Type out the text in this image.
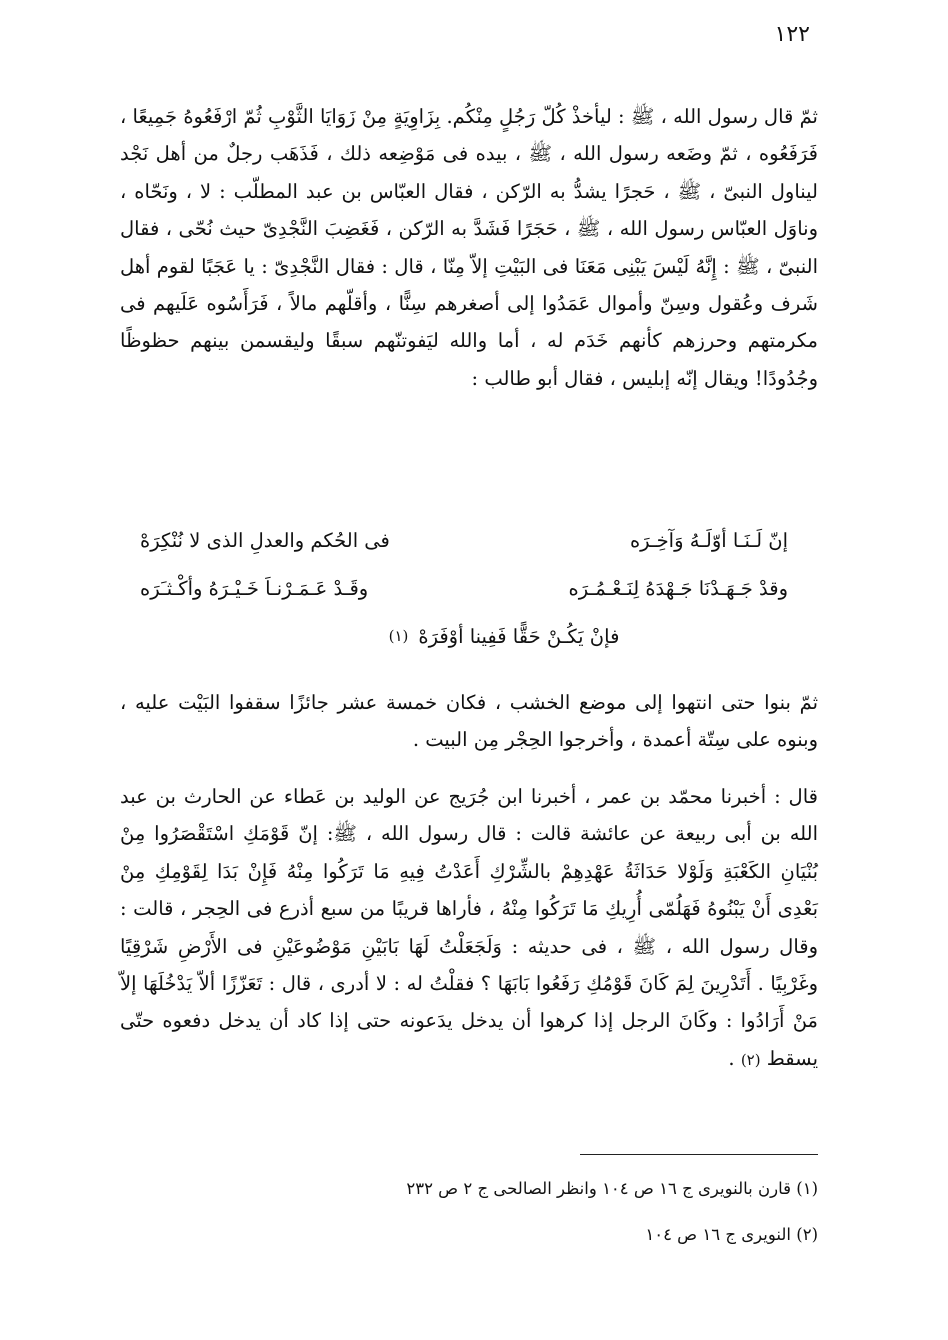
١٢٢

ثمّ قال رسول الله ، ﷺ : ليأخذْ كُلّ رَجُلٍ مِنْكُم. بِزَاوِيَةٍ مِنْ زَوَايَا الثَّوْبِ ثُمّ ارْفَعُوهُ جَمِيعًا ، فَرَفَعُوه ، ثمّ وضَعه رسول الله ، ﷺ ، بيده فى مَوْضِعه ذلك ، فَذَهَب رجلٌ من أهل نَجْد ليناول النبىّ ، ﷺ ، حَجرًا يشدُّ به الرّكن ، فقال العبّاس بن عبد المطلّب : لا ، ونَحّاه ، وناوَل العبّاس رسول الله ، ﷺ ، حَجَرًا فَشَدَّ به الرّكن ، فَغَضِبَ النَّجْدِىّ حيث نُحّى ، فقال النبىّ ، ﷺ : إِنَّهُ لَيْسَ يَبْنِى مَعَنَا فى البَيْتِ إلاّ مِنّا ، قال : فقال النَّجْدِىّ : يا عَجَبًا لقوم أهل شَرف وعُقول وسِنّ وأموال عَمَدُوا إلى أصغرهم سِنًّا ، وأقلّهم مالاً ، فَرَأَسُوه عَلَيهم فى مكرمتهم وحرزهم كأنهم خَدَم له ، أما والله ليَفوتنّهم سبقًا وليقسمن بينهم حظوظًا وجُدُودًا! ويقال إنّه إبليس ، فقال أبو طالب :

إنّ لَـنَـا أوّلَـهُ وَآخِـرَه
فى الحُكم والعدلِ الذى لا نُنْكِرَهْ
وقدْ جَـهَـدْنَا جَـهْدَهُ لِنَـعْـمُـرَه
وقَـدْ عَـمَـرْنـاَ خَـيْـرَهُ وأكْـثـَرَه
فإنْ يَكُـنْ حَقًّا فَفِينا أوْفَرَهْ
(١)

ثمّ بنوا حتى انتهوا إلى موضع الخشب ، فكان خمسة عشر جائزًا سقفوا البَيْت عليه ، وبنوه على سِتّة أعمدة ، وأخرجوا الحِجْر مِن البيت .

قال : أخبرنا محمّد بن عمر ، أخبرنا ابن جُرَيج عن الوليد بن عَطاء عن الحارث بن عبد الله بن أبى ربيعة عن عائشة قالت : قال رسول الله ، ﷺ: إنّ قَوْمَكِ اسْتَقْصَرُوا مِنْ بُنْيَانِ الكَعْبَةِ وَلَوْلا حَدَاثَةُ عَهْدِهِمْ بالشِّرْكِ أَعَدْتُ فِيهِ مَا تَرَكُوا مِنْهُ فَإِنْ بَدَا لِقَوْمِكِ مِنْ بَعْدِى أَنْ يَبْنُوهُ فَهَلُمّى أُرِيكِ مَا تَرَكُوا مِنْهُ ، فأراها قريبًا من سبع أذرع فى الحِجر ، قالت : وقال رسول الله ، ﷺ ، فى حديثه : وَلَجَعَلْتُ لَهَا بَابَيْنِ مَوْضُوعَيْنِ فى الأَرْضِ شَرْقِيًا وغَرْبِيًا . أَتَدْرِينَ لِمَ كَانَ قَوْمُكِ رَفَعُوا بَابَهَا ؟ فقلْتُ له : لا أدرى ، قال : تَعَزّزًا ألاّ يَدْخُلَهَا إلاّ مَنْ أَرَادُوا : وكَانَ الرجل إذا كرهوا أن يدخل يدَعونه حتى إذا كاد أن يدخل دفعوه حتّى يسقط (٢) .

(١) قارن بالنويرى ج ١٦ ص ١٠٤ وانظر الصالحى ج ٢ ص ٢٣٢
(٢) النويرى ج ١٦ ص ١٠٤
